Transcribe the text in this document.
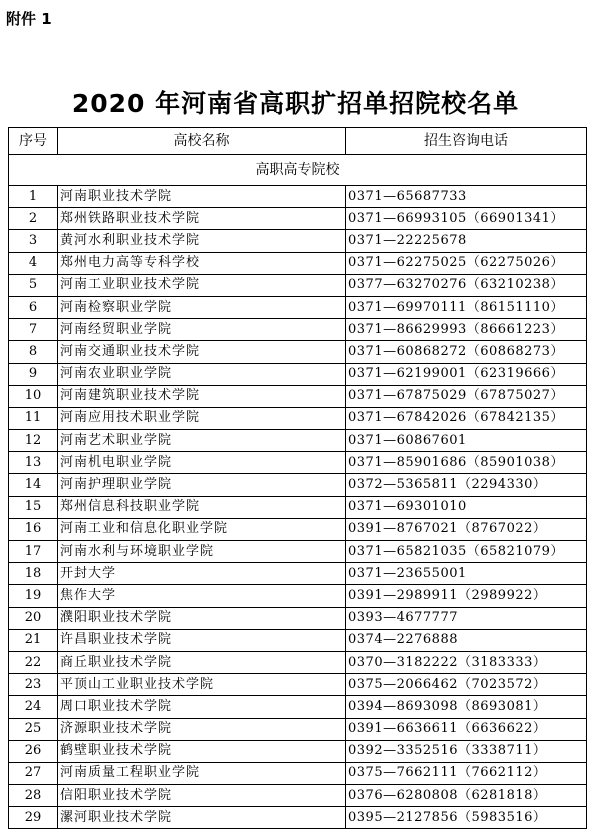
附件 1
2020 年河南省高职扩招单招院校名单
序号	高校名称	招生咨询电话
高职高专院校		
1	河南职业技术学院	0371—65687733
2	郑州铁路职业技术学院	0371—66993105（66901341）
3	黄河水利职业技术学院	0371—22225678
4	郑州电力高等专科学校	0371—62275025（62275026）
5	河南工业职业技术学院	0377—63270276（63210238）
6	河南检察职业学院	0371—69970111（86151110）
7	河南经贸职业学院	0371—86629993（86661223）
8	河南交通职业技术学院	0371—60868272（60868273）
9	河南农业职业学院	0371—62199001（62319666）
10	河南建筑职业技术学院	0371—67875029（67875027）
11	河南应用技术职业学院	0371—67842026（67842135）
12	河南艺术职业学院	0371—60867601
13	河南机电职业学院	0371—85901686（85901038）
14	河南护理职业学院	0372—5365811（2294330）
15	郑州信息科技职业学院	0371—69301010
16	河南工业和信息化职业学院	0391—8767021（8767022）
17	河南水利与环境职业学院	0371—65821035（65821079）
18	开封大学	0371—23655001
19	焦作大学	0391—2989911（2989922）
20	濮阳职业技术学院	0393—4677777
21	许昌职业技术学院	0374—2276888
22	商丘职业技术学院	0370—3182222（3183333）
23	平顶山工业职业技术学院	0375—2066462（7023572）
24	周口职业技术学院	0394—8693098（8693081）
25	济源职业技术学院	0391—6636611（6636622）
26	鹤壁职业技术学院	0392—3352516（3338711）
27	河南质量工程职业学院	0375—7662111（7662112）
28	信阳职业技术学院	0376—6280808（6281818）
29	漯河职业技术学院	0395—2127856（5983516）
